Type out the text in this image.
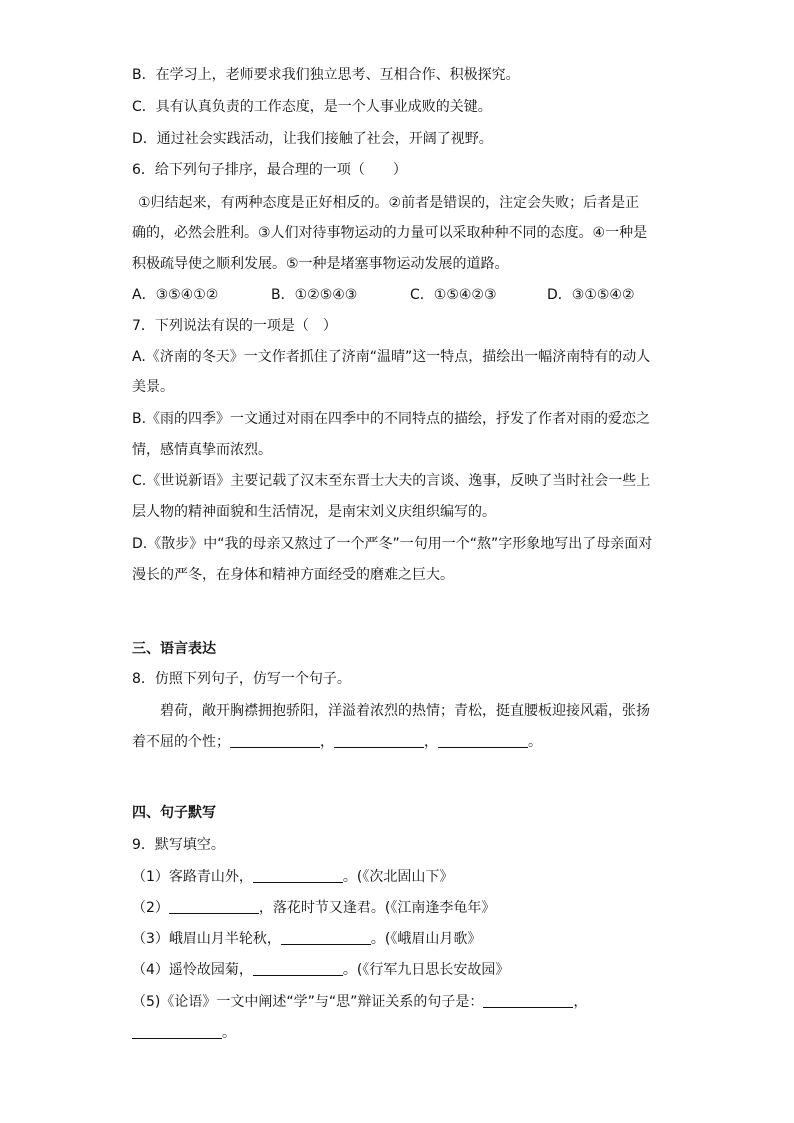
B．在学习上，老师要求我们独立思考、互相合作、积极探究。
C．具有认真负责的工作态度，是一个人事业成败的关键。
D．通过社会实践活动，让我们接触了社会，开阔了视野。
6．给下列句子排序，最合理的一项（　　）
①归结起来，有两种态度是正好相反的。②前者是错误的，注定会失败；后者是正
确的，必然会胜利。③人们对待事物运动的力量可以采取种种不同的态度。④一种是
积极疏导使之顺利发展。⑤一种是堵塞事物运动发展的道路。
A．③⑤④①②	B．①②⑤④③	C．①⑤④②③	D．③①⑤④②
7．下列说法有误的一项是（　）
A.《济南的冬天》一文作者抓住了济南“温晴”这一特点，描绘出一幅济南特有的动人
美景。
B.《雨的四季》一文通过对雨在四季中的不同特点的描绘，抒发了作者对雨的爱恋之
情，感情真挚而浓烈。
C.《世说新语》主要记载了汉末至东晋士大夫的言谈、逸事，反映了当时社会一些上
层人物的精神面貌和生活情况，是南宋刘义庆组织编写的。
D.《散步》中“我的母亲又熬过了一个严冬”一句用一个“熬”字形象地写出了母亲面对
漫长的严冬，在身体和精神方面经受的磨难之巨大。
三、语言表达
8．仿照下列句子，仿写一个句子。
碧荷，敞开胸襟拥抱骄阳，洋溢着浓烈的热情；青松，挺直腰板迎接风霜，张扬
着不屈的个性；	，	，	。
四、句子默写
9．默写填空。
（1）客路青山外，	。(《次北固山下》
（2）	，落花时节又逢君。(《江南逢李龟年》
（3）峨眉山月半轮秋，	。(《峨眉山月歌》
（4）遥怜故园菊，	。(《行军九日思长安故园》
（5)《论语》一文中阐述“学”与“思”辩证关系的句子是：	，
。
